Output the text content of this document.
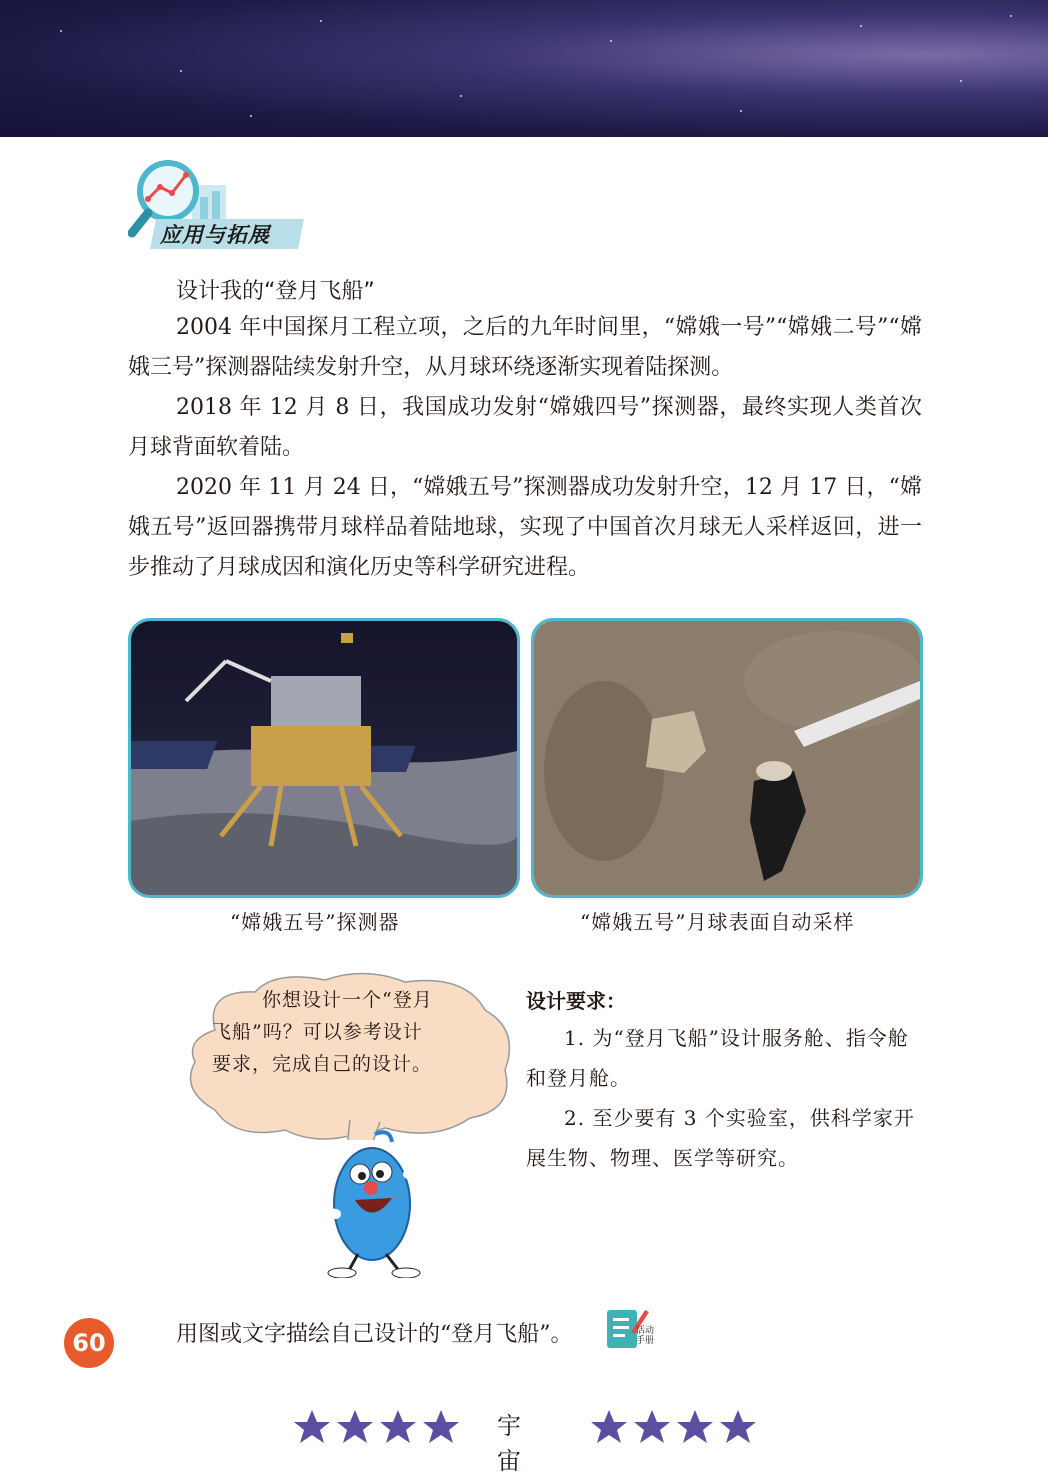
应用与拓展
设计我的“登月飞船”

2004 年中国探月工程立项，之后的九年时间里，“嫦娥一号”“嫦娥二号”“嫦娥三号”探测器陆续发射升空，从月球环绕逐渐实现着陆探测。

2018 年 12 月 8 日，我国成功发射“嫦娥四号”探测器，最终实现人类首次月球背面软着陆。

2020 年 11 月 24 日，“嫦娥五号”探测器成功发射升空，12 月 17 日，“嫦娥五号”返回器携带月球样品着陆地球，实现了中国首次月球无人采样返回，进一步推动了月球成因和演化历史等科学研究进程。

“嫦娥五号”探测器	“嫦娥五号”月球表面自动采样
你想设计一个“登月
飞船”吗？可以参考设计
要求，完成自己的设计。
设计要求：

1. 为“登月飞船”设计服务舱、指令舱和登月舱。

2. 至少要有 3 个实验室，供科学家开展生物、物理、医学等研究。

60	用图或文字描绘自己设计的“登月飞船”。	活动手册
宇宙
